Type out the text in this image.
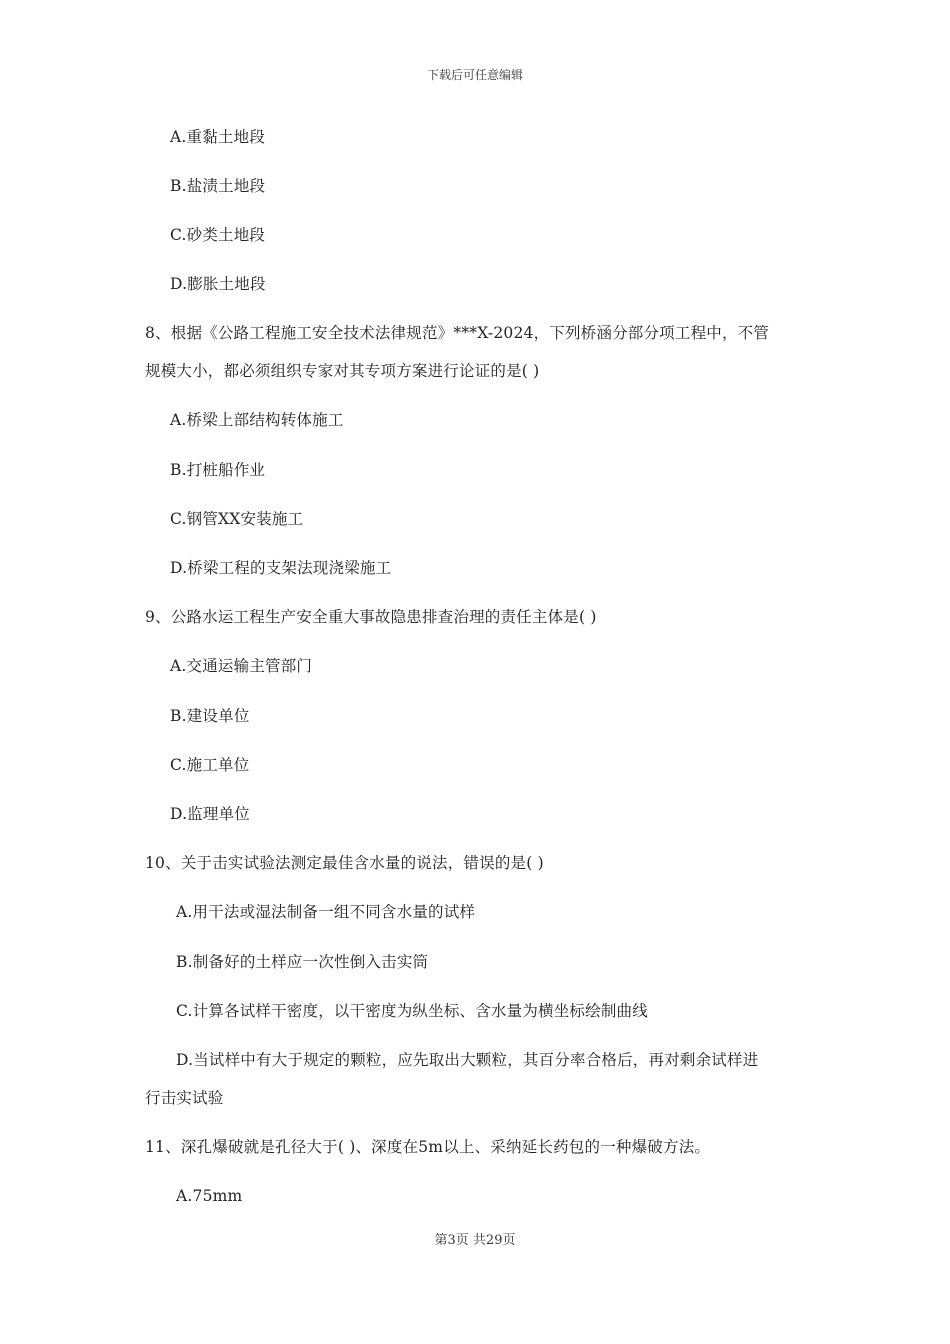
下载后可任意编辑
A.重黏土地段
B.盐渍土地段
C.砂类土地段
D.膨胀土地段
8、根据《公路工程施工安全技术法律规范》***X-2024，下列桥涵分部分项工程中，不管
规模大小，都必须组织专家对其专项方案进行论证的是( )
A.桥梁上部结构转体施工
B.打桩船作业
C.钢管XX安装施工
D.桥梁工程的支架法现浇梁施工
9、公路水运工程生产安全重大事故隐患排查治理的责任主体是( )
A.交通运输主管部门
B.建设单位
C.施工单位
D.监理单位
10、关于击实试验法测定最佳含水量的说法，错误的是( )
A.用干法或湿法制备一组不同含水量的试样
B.制备好的土样应一次性倒入击实筒
C.计算各试样干密度，以干密度为纵坐标、含水量为横坐标绘制曲线
D.当试样中有大于规定的颗粒，应先取出大颗粒，其百分率合格后，再对剩余试样进
行击实试验
11、深孔爆破就是孔径大于( )、深度在5m以上、采纳延长药包的一种爆破方法。
A.75mm
第3页 共29页
